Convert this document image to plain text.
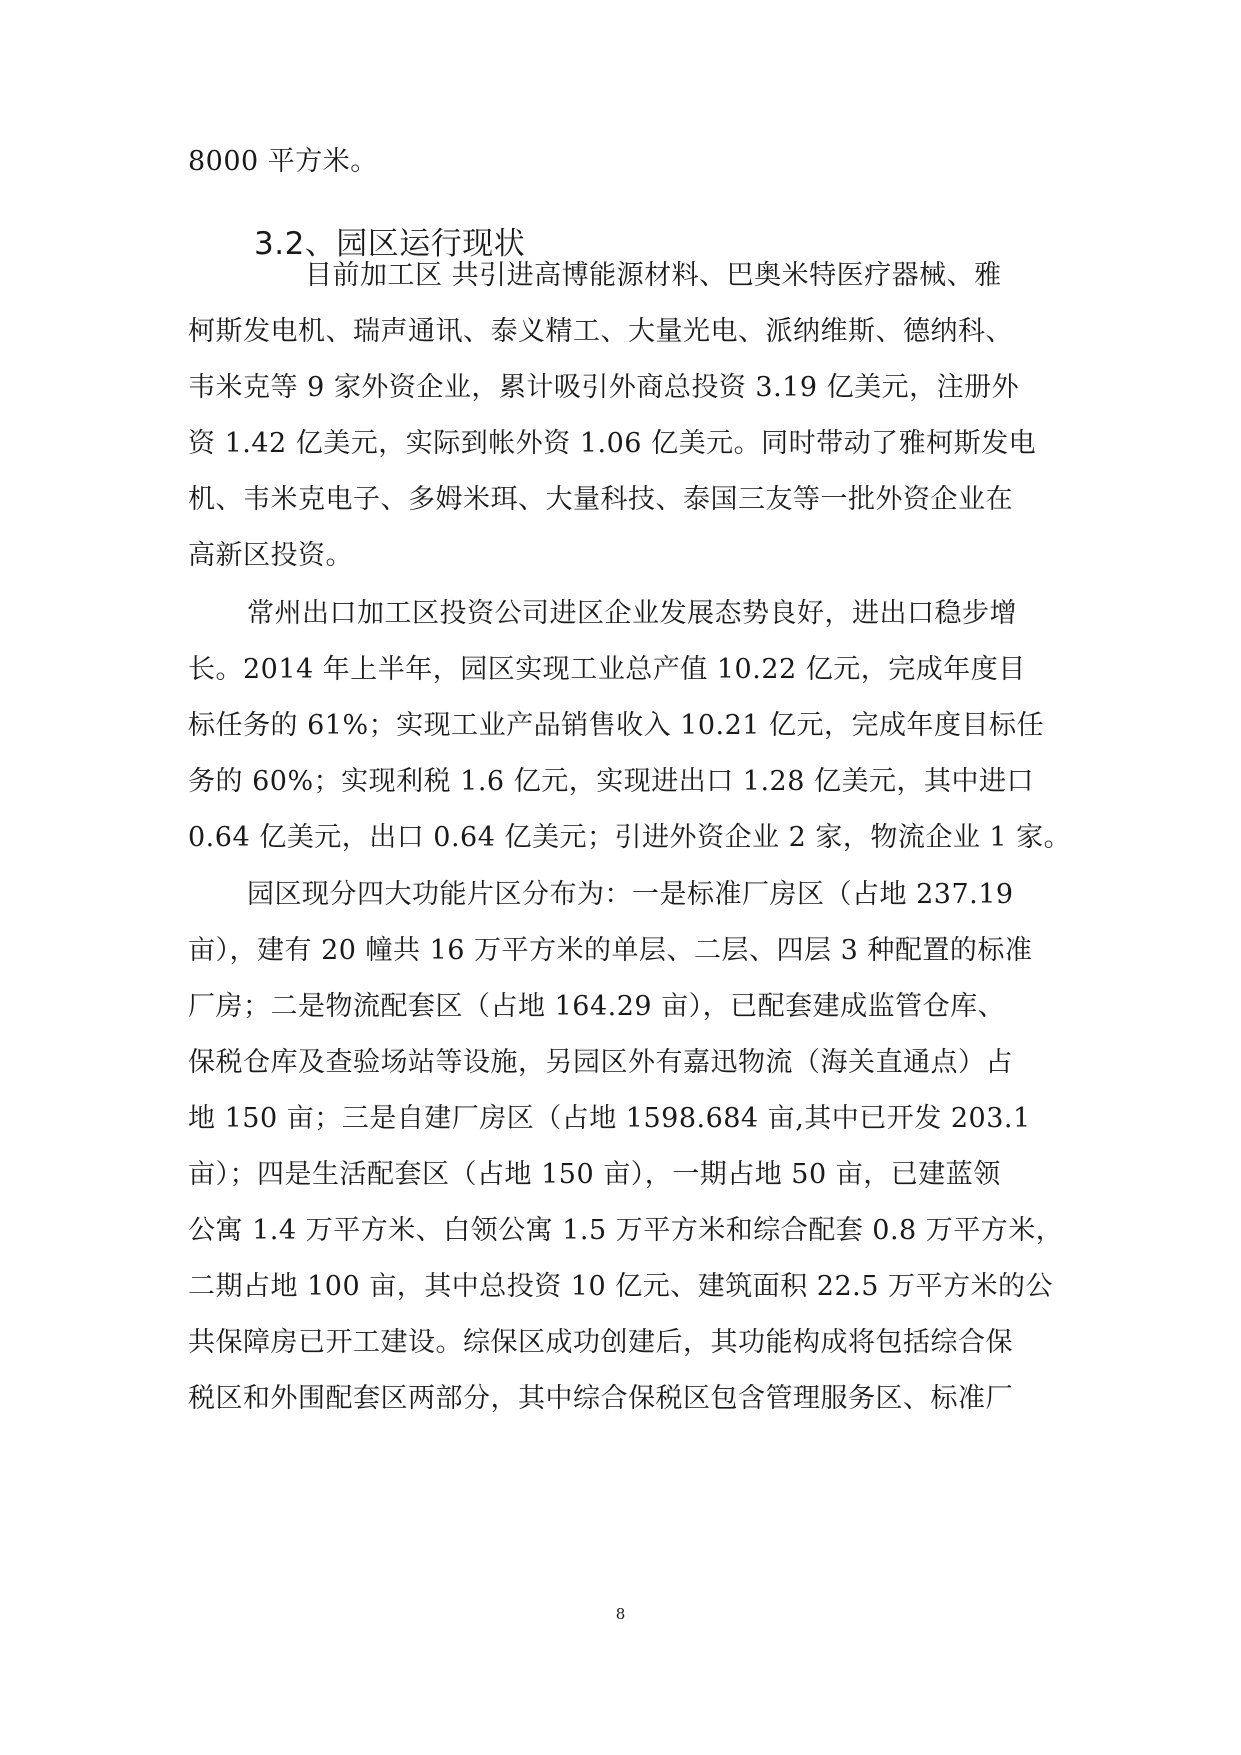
8000 平方米。
3.2、园区运行现状
目前加工区 共引进高博能源材料、巴奥米特医疗器械、雅
柯斯发电机、瑞声通讯、泰义精工、大量光电、派纳维斯、德纳科、
韦米克等 9 家外资企业，累计吸引外商总投资 3.19 亿美元，注册外
资 1.42 亿美元，实际到帐外资 1.06 亿美元。同时带动了雅柯斯发电
机、韦米克电子、多姆米珥、大量科技、泰国三友等一批外资企业在
高新区投资。
常州出口加工区投资公司进区企业发展态势良好，进出口稳步增
长。2014 年上半年，园区实现工业总产值 10.22 亿元，完成年度目
标任务的 61%；实现工业产品销售收入 10.21 亿元，完成年度目标任
务的 60%；实现利税 1.6 亿元，实现进出口 1.28 亿美元，其中进口
0.64 亿美元，出口 0.64 亿美元；引进外资企业 2 家，物流企业 1 家。
园区现分四大功能片区分布为：一是标准厂房区（占地 237.19
亩），建有 20 幢共 16 万平方米的单层、二层、四层 3 种配置的标准
厂房；二是物流配套区（占地 164.29 亩），已配套建成监管仓库、
保税仓库及查验场站等设施，另园区外有嘉迅物流（海关直通点）占
地 150 亩；三是自建厂房区（占地 1598.684 亩,其中已开发 203.1
亩）；四是生活配套区（占地 150 亩），一期占地 50 亩，已建蓝领
公寓 1.4 万平方米、白领公寓 1.5 万平方米和综合配套 0.8 万平方米，
二期占地 100 亩，其中总投资 10 亿元、建筑面积 22.5 万平方米的公
共保障房已开工建设。综保区成功创建后，其功能构成将包括综合保
税区和外围配套区两部分，其中综合保税区包含管理服务区、标准厂
8
